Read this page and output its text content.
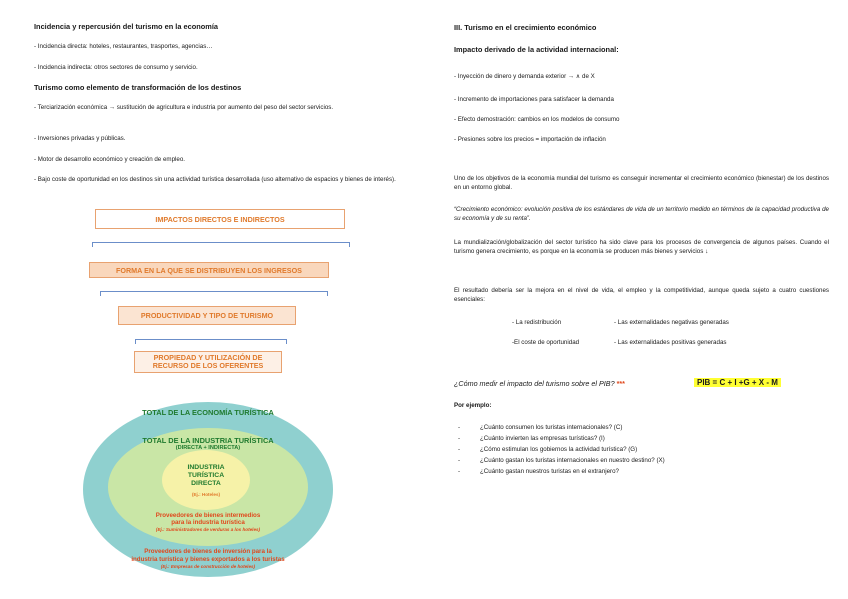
Incidencia y repercusión del turismo en la economía
- Incidencia directa: hoteles, restaurantes, trasportes, agencias…
- Incidencia indirecta: otros sectores de consumo y servicio.
Turismo como elemento de transformación de los destinos
- Terciarización económica → sustitución de agricultura e industria por aumento del peso del sector servicios.
- Inversiones privadas y públicas.
- Motor de desarrollo económico y creación de empleo.
- Bajo coste de oportunidad en los destinos sin una actividad turística desarrollada (uso alternativo de espacios y bienes de interés).
IMPACTOS DIRECTOS E INDIRECTOS
FORMA EN LA QUE SE DISTRIBUYEN LOS INGRESOS
PRODUCTIVIDAD Y TIPO DE TURISMO
PROPIEDAD Y UTILIZACIÓN DE
RECURSO DE LOS OFERENTES
TOTAL DE LA ECONOMÍA TURÍSTICA
TOTAL DE LA INDUSTRIA TURÍSTICA
(DIRECTA + INDIRECTA)
INDUSTRIA
TURÍSTICA
DIRECTA
(Ej.: Hoteles)
Proveedores de bienes intermedios
para la industria turística
(Ej.: Suministradores de verduras a los hoteles)
Proveedores de bienes de inversión para la
industria turística y bienes exportados a los turistas
(Ej.: Empresas de construcción de hoteles)
III. Turismo en el crecimiento económico
Impacto derivado de la actividad internacional:
- Inyección de dinero y demanda exterior → ∧ de X
- Incremento de importaciones para satisfacer la demanda
- Efecto demostración: cambios en los modelos de consumo
- Presiones sobre los precios = importación de inflación
Uno de los objetivos de la economía mundial del turismo es conseguir incrementar el crecimiento económico (bienestar) de los destinos en un entorno global.
“Crecimiento económico: evolución positiva de los estándares de vida de un territorio medido en términos de la capacidad productiva de su economía y de su renta”.
La mundialización/globalización del sector turístico ha sido clave para los procesos de convergencia de algunos países. Cuando el turismo genera crecimiento, es porque en la economía se producen más bienes y servicios ↓
El resultado debería ser la mejora en el nivel de vida, el empleo y la competitividad, aunque queda sujeto a cuatro cuestiones esenciales:
- La redistribución	- Las externalidades negativas generadas
-El coste de oportunidad	- Las externalidades positivas generadas
¿Cómo medir el impacto del turismo sobre el PIB? ***	PIB = C + I +G + X - M
Por ejemplo:
-	¿Cuánto consumen los turistas internacionales? (C)
-	¿Cuánto invierten las empresas turísticas? (I)
-	¿Cómo estimulan los gobiernos la actividad turística? (G)
-	¿Cuánto gastan los turistas internacionales en nuestro destino? (X)
-	¿Cuánto gastan nuestros turistas en el extranjero?
